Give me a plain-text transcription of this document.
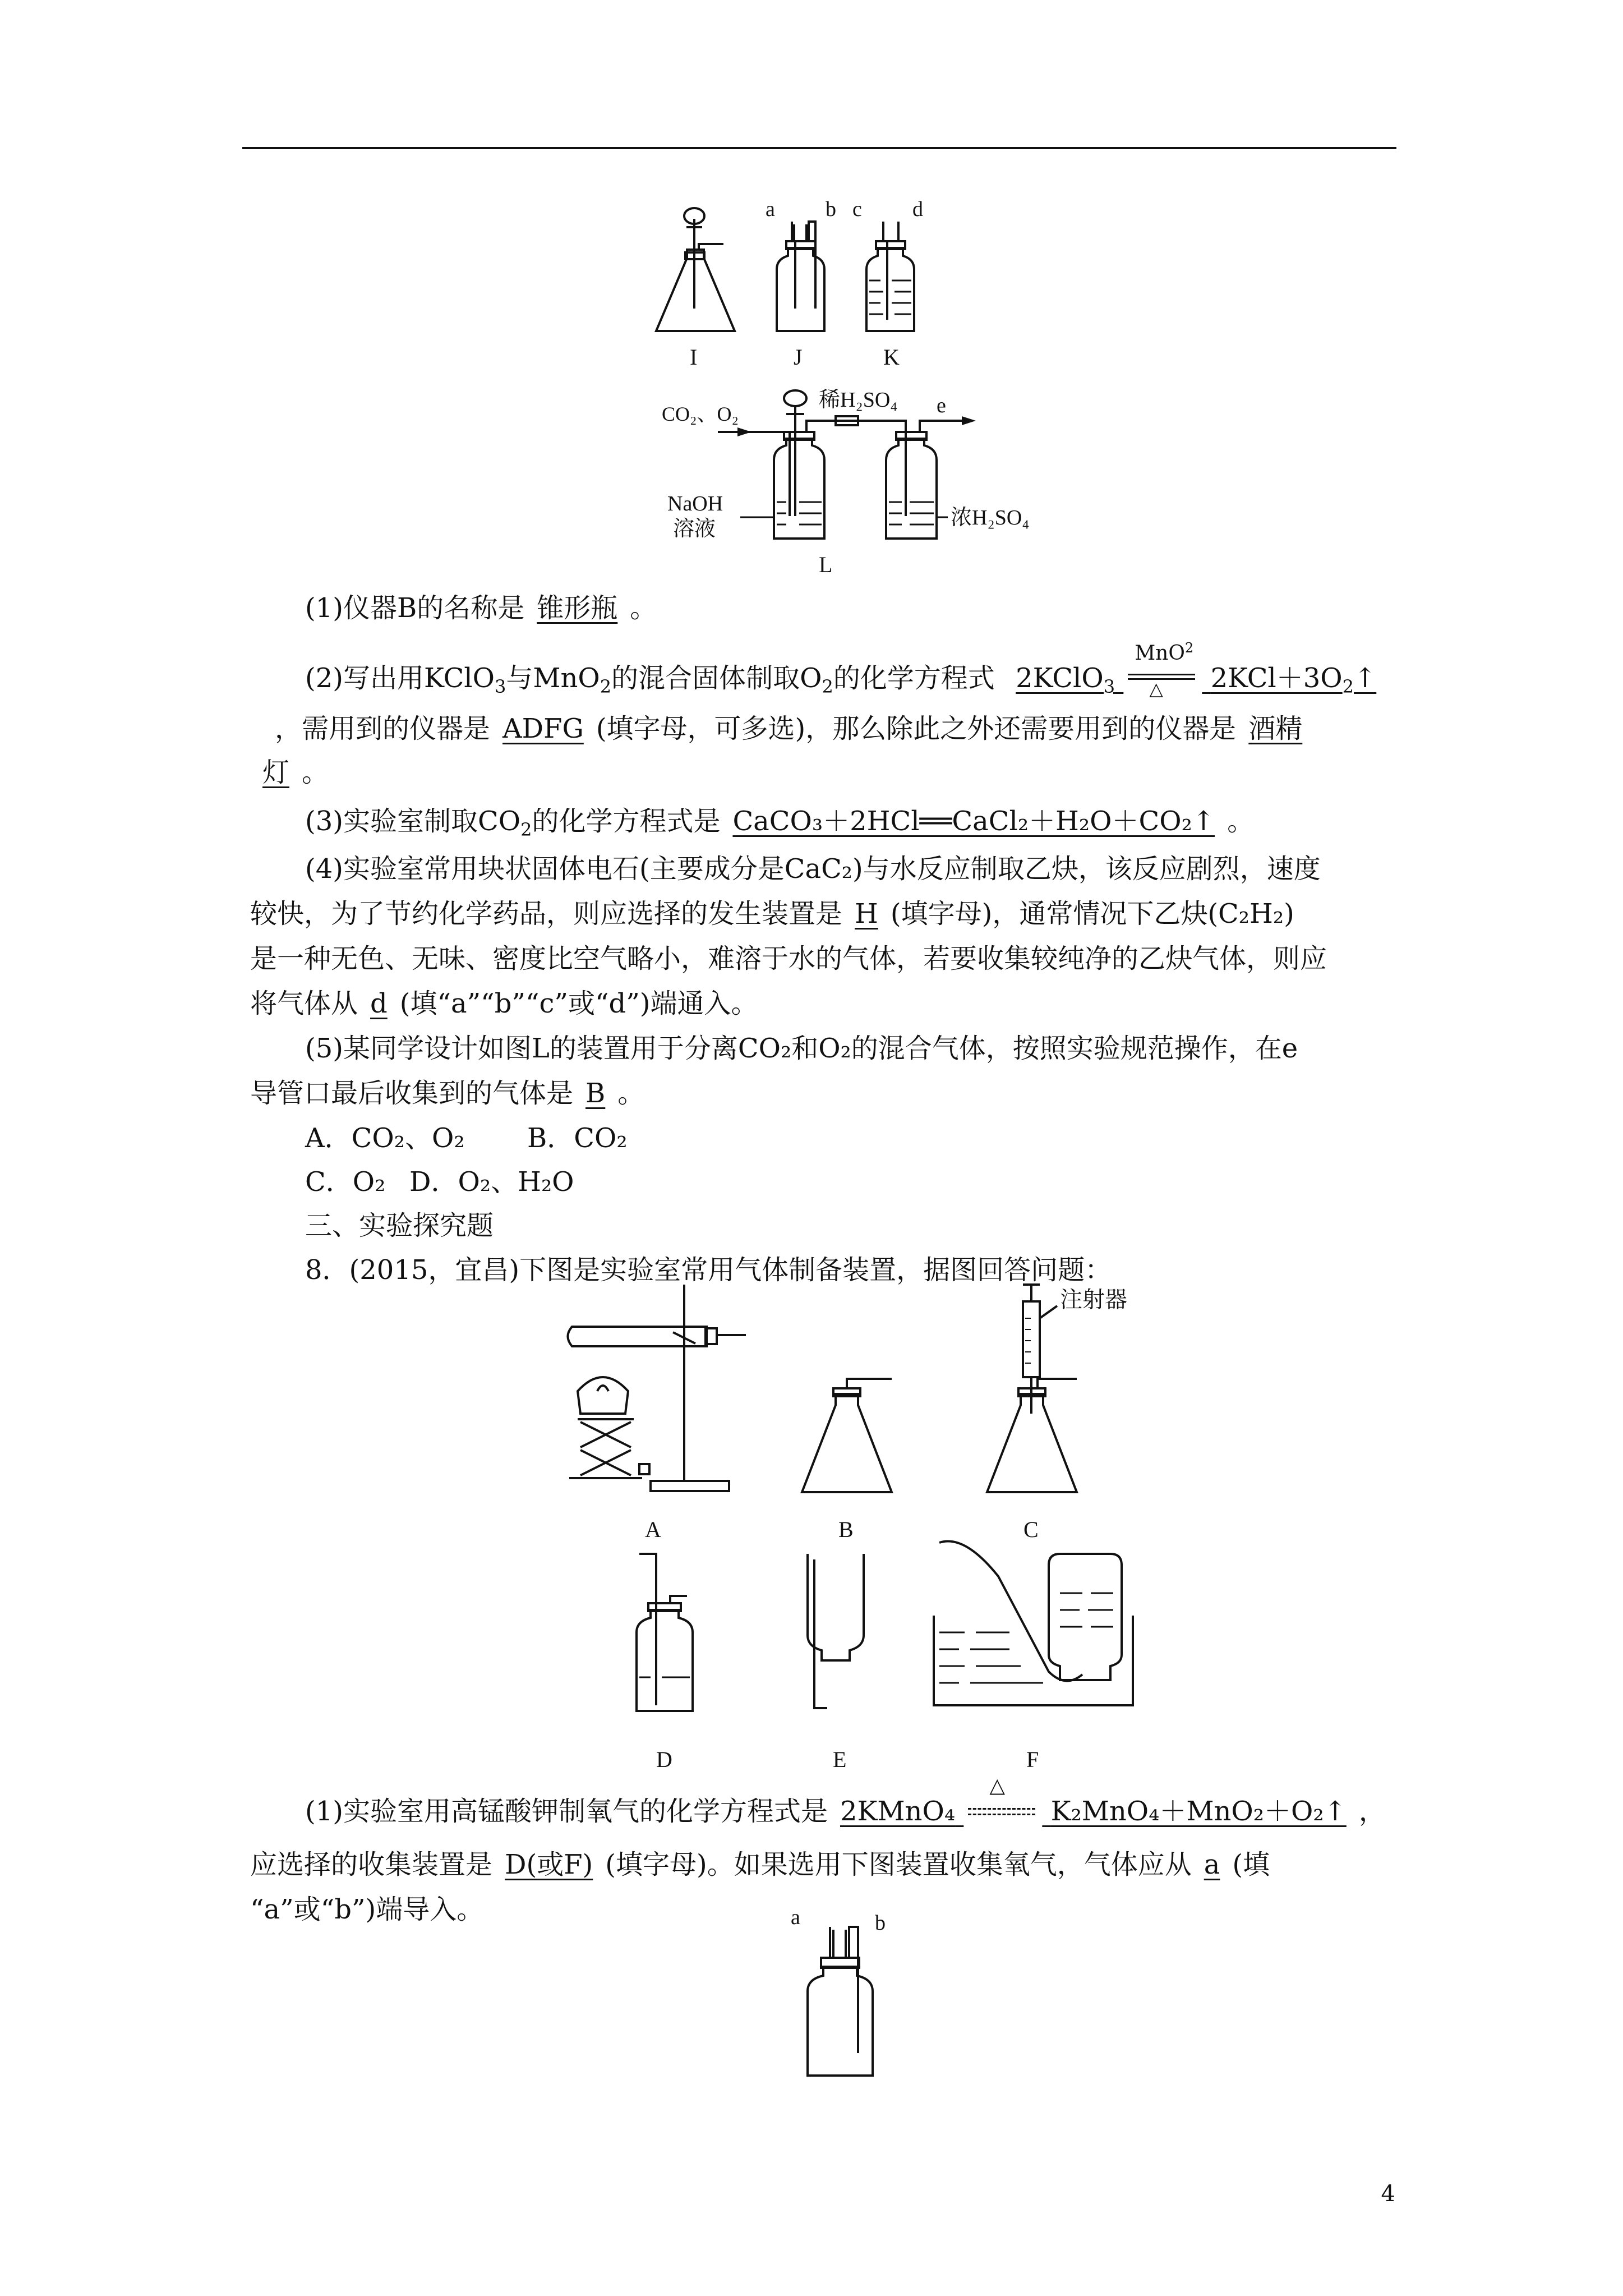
I	J	K
a b c d
CO₂、O₂
稀H₂SO₄ e
NaOH
溶液	浓H₂SO₄
L
(1)仪器B的名称是 锥形瓶 。
(2)写出用KClO$_3$与MnO$_2$的混合固体制取$O_2$的化学方程式 2KClO$_3$
MnO$^2$
△ $2KCl+3O_2↑$
，需用到的仪器是 ADFG (填字母，可多选)，那么除此之外还需要用到的仪器是 酒精
灯 。
(3)实验室制取$CO_2$的化学方程式是 CaCO₃＋2HCl══CaCl₂＋H₂O＋CO₂↑ 。
(4)实验室常用块状固体电石(主要成分是CaC₂)与水反应制取乙炔，该反应剧烈，速度
较快，为了节约化学药品，则应选择的发生装置是 H (填字母)，通常情况下乙炔(C₂H₂)
是一种无色、无味、密度比空气略小，难溶于水的气体，若要收集较纯净的乙炔气体，则应
将气体从 d (填“a”“b”“c”或“d”)端通入。
(5)某同学设计如图L的装置用于分离CO₂和O₂的混合气体，按照实验规范操作，在e
导管口最后收集到的气体是 B 。
A．CO₂、O₂ B．CO₂
C．O₂ D．O₂、H₂O
三、实验探究题
8．(2015，宜昌)下图是实验室常用气体制备装置，据图回答问题：
注射器
A	B	C
D	E	F
(1)实验室用高锰酸钾制氧气的化学方程式是 2KMnO₄
△
K₂MnO₄＋MnO₂＋O₂↑ ，
应选择的收集装置是 D(或F) (填字母)。如果选用下图装置收集氧气，气体应从 a (填
“a”或“b”)端导入。	a	b
4
